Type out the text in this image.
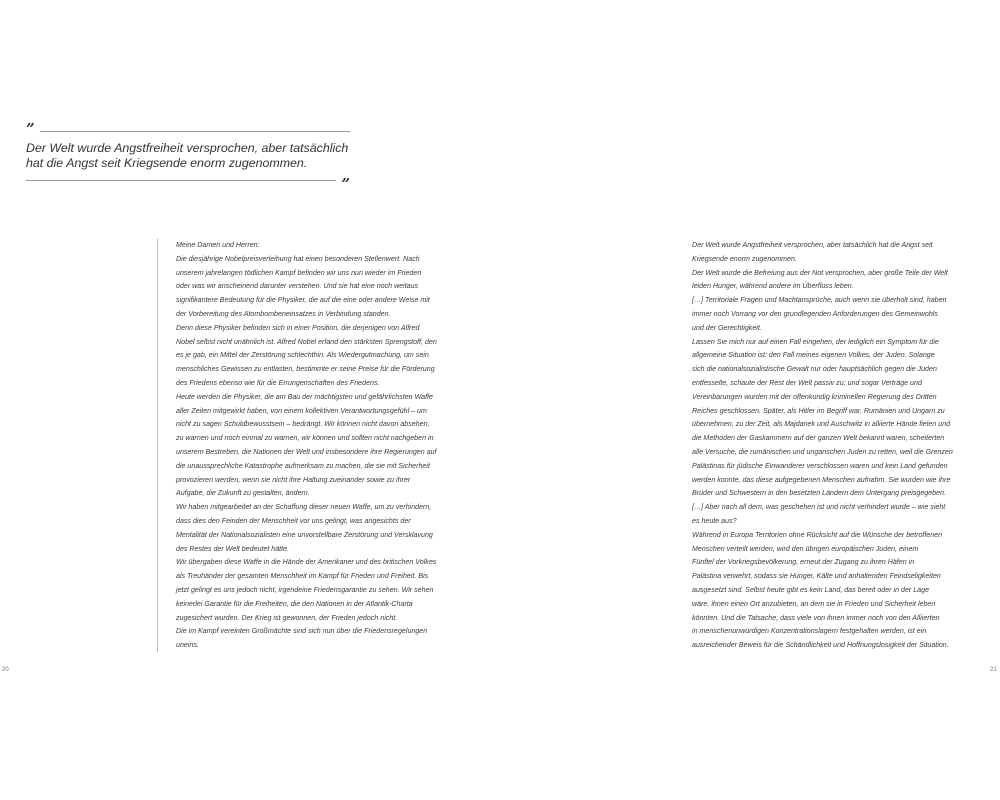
”
Der Welt wurde Angstfreiheit versprochen, aber tatsächlich
hat die Angst seit Kriegsende enorm zugenommen.
”
Meine Damen und Herren:
Die diesjährige Nobelpreisverleihung hat einen besonderen Stellenwert. Nach
unserem jahrelangen tödlichen Kampf befinden wir uns nun wieder im Frieden
oder was wir anscheinend darunter verstehen. Und sie hat eine noch weitaus
signifikantere Bedeutung für die Physiker, die auf die eine oder andere Weise mit
der Vorbereitung des Atombombeneinsatzes in Verbindung standen.
Denn diese Physiker befinden sich in einer Position, die derjenigen von Alfred
Nobel selbst nicht unähnlich ist. Alfred Nobel erfand den stärksten Sprengstoff, den
es je gab, ein Mittel der Zerstörung schlechthin. Als Wiedergutmachung, um sein
menschliches Gewissen zu entlasten, bestimmte er seine Preise für die Förderung
des Friedens ebenso wie für die Errungenschaften des Friedens.
Heute werden die Physiker, die am Bau der mächtigsten und gefährlichsten Waffe
aller Zeiten mitgewirkt haben, von einem kollektiven Verantwortungsgefühl – um
nicht zu sagen Schuldbewusstsein – bedrängt. Wir können nicht davon absehen,
zu warnen und noch einmal zu warnen, wir können und sollten nicht nachgeben in
unserem Bestreben, die Nationen der Welt und insbesondere ihre Regierungen auf
die unaussprechliche Katastrophe aufmerksam zu machen, die sie mit Sicherheit
provozieren werden, wenn sie nicht ihre Haltung zueinander sowie zu ihrer
Aufgabe, die Zukunft zu gestalten, ändern.
Wir haben mitgearbeitet an der Schaffung dieser neuen Waffe, um zu verhindern,
dass dies den Feinden der Menschheit vor uns gelingt, was angesichts der
Mentalität der Nationalsozialisten eine unvorstellbare Zerstörung und Versklavung
des Restes der Welt bedeutet hätte.
Wir übergaben diese Waffe in die Hände der Amerikaner und des britischen Volkes
als Treuhänder der gesamten Menschheit im Kampf für Frieden und Freiheit. Bis
jetzt gelingt es uns jedoch nicht, irgendeine Friedensgarantie zu sehen. Wir sehen
keinerlei Garantie für die Freiheiten, die den Nationen in der Atlantik-Charta
zugesichert wurden. Der Krieg ist gewonnen, der Frieden jedoch nicht.
Die im Kampf vereinten Großmächte sind sich nun über die Friedensregelungen
uneins.
Der Welt wurde Angstfreiheit versprochen, aber tatsächlich hat die Angst seit
Kriegsende enorm zugenommen.
Der Welt wurde die Befreiung aus der Not versprochen, aber große Teile der Welt
leiden Hunger, während andere im Überfluss leben.
[…] Territoriale Fragen und Machtansprüche, auch wenn sie überholt sind, haben
immer noch Vorrang vor den grundlegenden Anforderungen des Gemeinwohls
und der Gerechtigkeit.
Lassen Sie mich nur auf einen Fall eingehen, der lediglich ein Symptom für die
allgemeine Situation ist: den Fall meines eigenen Volkes, der Juden. Solange
sich die nationalsozialistische Gewalt nur oder hauptsächlich gegen die Juden
entfesselte, schaute der Rest der Welt passiv zu; und sogar Verträge und
Vereinbarungen wurden mit der offenkundig kriminellen Regierung des Dritten
Reiches geschlossen. Später, als Hitler im Begriff war, Rumänien und Ungarn zu
übernehmen, zu der Zeit, als Majdanek und Auschwitz in alliierte Hände fielen und
die Methoden der Gaskammern auf der ganzen Welt bekannt waren, scheiterten
alle Versuche, die rumänischen und ungarischen Juden zu retten, weil die Grenzen
Palästinas für jüdische Einwanderer verschlossen waren und kein Land gefunden
werden konnte, das diese aufgegebenen Menschen aufnahm. Sie wurden wie ihre
Brüder und Schwestern in den besetzten Ländern dem Untergang preisgegeben.
[…] Aber nach all dem, was geschehen ist und nicht verhindert wurde – wie sieht
es heute aus?
Während in Europa Territorien ohne Rücksicht auf die Wünsche der betroffenen
Menschen verteilt werden, wird den übrigen europäischen Juden, einem
Fünftel der Vorkriegsbevölkerung, erneut der Zugang zu ihren Häfen in
Palästina verwehrt, sodass sie Hunger, Kälte und anhaltenden Feindseligkeiten
ausgesetzt sind. Selbst heute gibt es kein Land, das bereit oder in der Lage
wäre, ihnen einen Ort anzubieten, an dem sie in Frieden und Sicherheit leben
könnten. Und die Tatsache, dass viele von ihnen immer noch von den Alliierten
in menschenunwürdigen Konzentrationslagern festgehalten werden, ist ein
ausreichender Beweis für die Schändlichkeit und Hoffnungslosigkeit der Situation.
20	21
